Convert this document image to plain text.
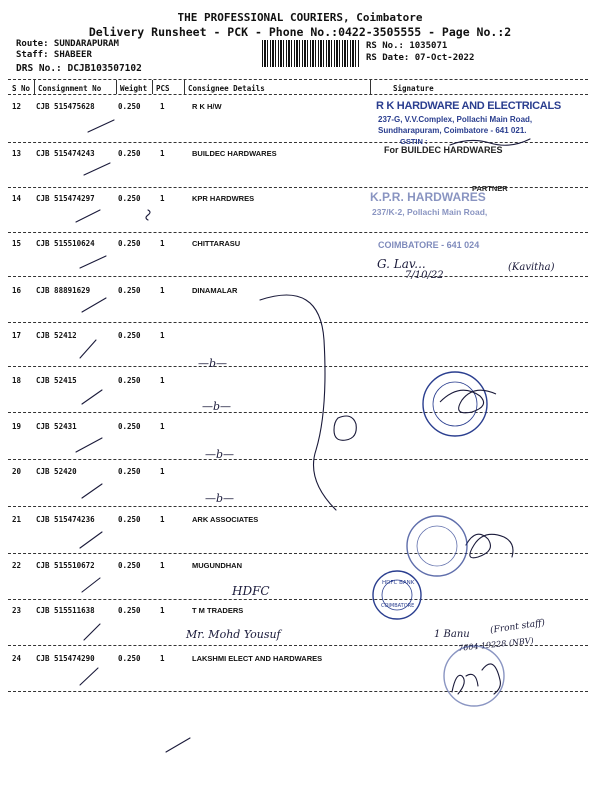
THE PROFESSIONAL COURIERS, Coimbatore
Delivery Runsheet - PCK - Phone No.:0422-3505555 - Page No.:2
Route: SUNDARAPURAM
Staff: SHABEER
DRS No.: DCJB103507102
RS No.: 1035071
RS Date: 07-Oct-2022
S No Consignment No	Weight PCS Consignee Details	Signature
12 CJB 515475628	0.250	1	R K H/W
13 CJB 515474243	0.250	1	BUILDEC HARDWARES
14 CJB 515474297	0.250	1	KPR HARDWRES
15 CJB 515510624	0.250	1	CHITTARASU
16 CJB 88891629	0.250	1	DINAMALAR
17 CJB 52412	0.250	1
18 CJB 52415	0.250	1
19 CJB 52431	0.250	1
20 CJB 52420	0.250	1
21 CJB 515474236	0.250	1	ARK ASSOCIATES
22 CJB 515510672	0.250	1	MUGUNDHAN
23 CJB 515511638	0.250	1	T M TRADERS
24 CJB 515474290	0.250	1	LAKSHMI ELECT AND HARDWARES
R K HARDWARE AND ELECTRICALS
237-G, V.V.Complex, Pollachi Main Road,
Sundharapuram, Coimbatore - 641 021.
GSTIN :
For BUILDEC HARDWARES
PARTNER
K.P.R. HARDWARES
237/K-2, Pollachi Main Road,
COIMBATORE - 641 024
G. Lav...
7/10/22
(Kavitha)
—b—
—b—
—b—
—b—
HDFC
Mr. Mohd Yousuf	1 Banu (Front staff)
7604 19228 (NBV)
HDFC BANK
COIMBATORE
